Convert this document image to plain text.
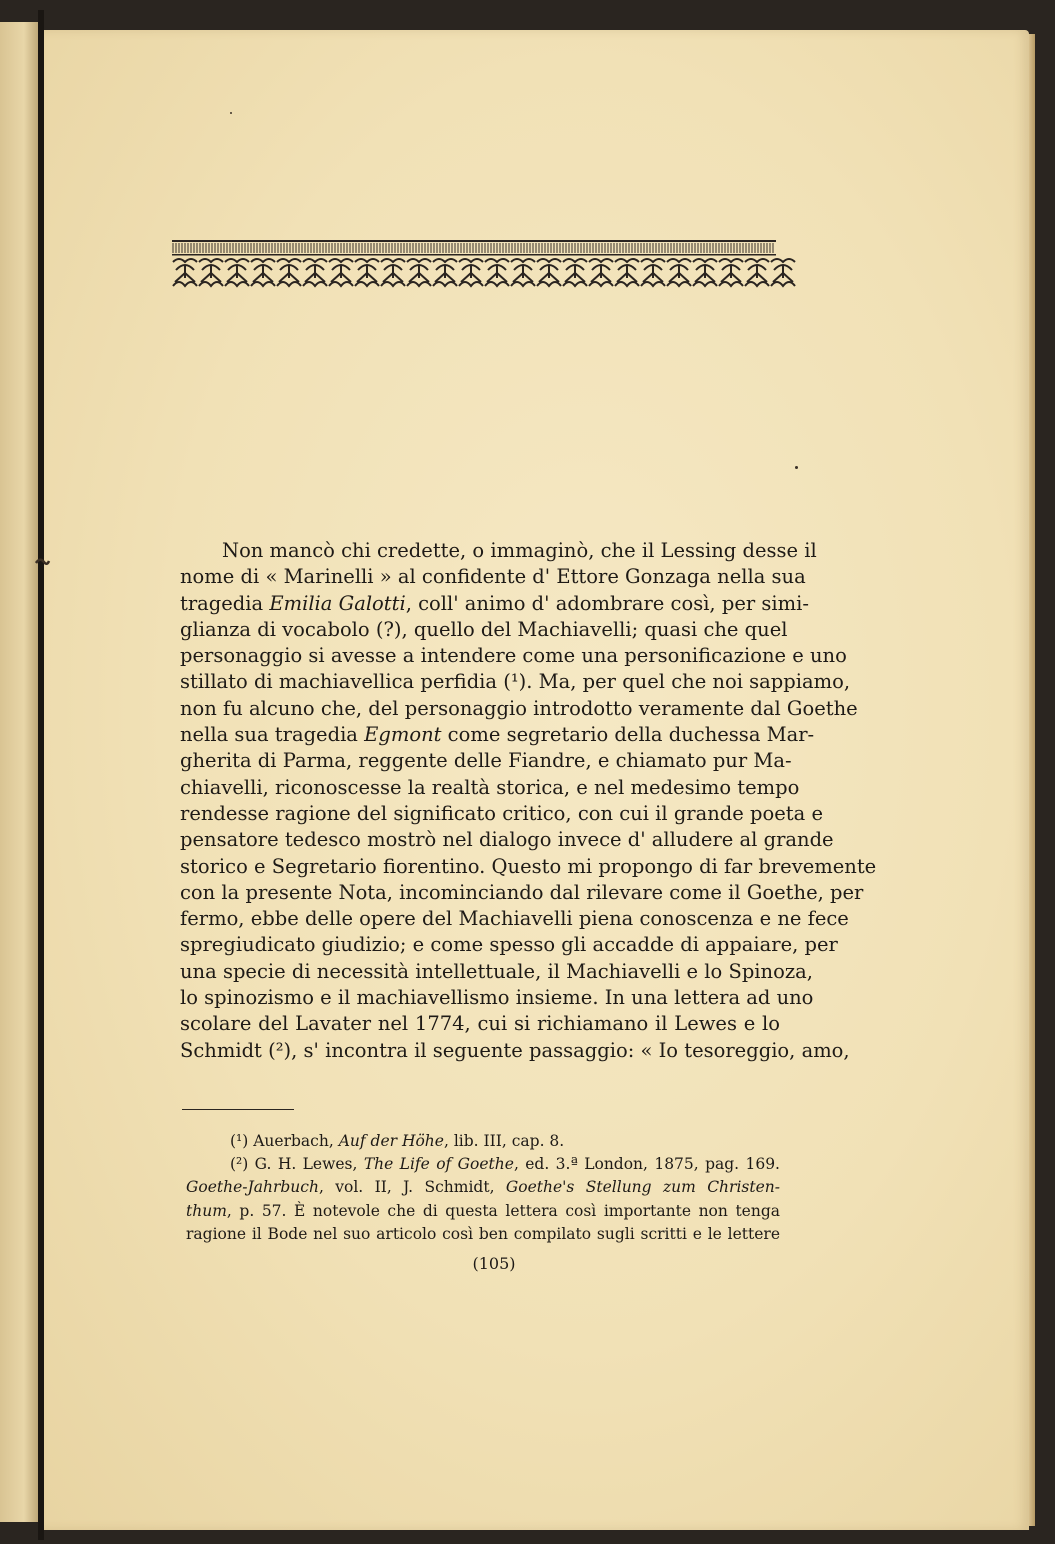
Non mancò chi credette, o immaginò, che il Lessing desse il
nome di « Marinelli » al confidente d' Ettore Gonzaga nella sua
tragedia Emilia Galotti, coll' animo d' adombrare così, per simi-
glianza di vocabolo (?), quello del Machiavelli; quasi che quel
personaggio si avesse a intendere come una personificazione e uno
stillato di machiavellica perfidia (¹). Ma, per quel che noi sappiamo,
non fu alcuno che, del personaggio introdotto veramente dal Goethe
nella sua tragedia Egmont come segretario della duchessa Mar-
gherita di Parma, reggente delle Fiandre, e chiamato pur Ma-
chiavelli, riconoscesse la realtà storica, e nel medesimo tempo
rendesse ragione del significato critico, con cui il grande poeta e
pensatore tedesco mostrò nel dialogo invece d' alludere al grande
storico e Segretario fiorentino. Questo mi propongo di far brevemente
con la presente Nota, incominciando dal rilevare come il Goethe, per
fermo, ebbe delle opere del Machiavelli piena conoscenza e ne fece
spregiudicato giudizio; e come spesso gli accadde di appaiare, per
una specie di necessità intellettuale, il Machiavelli e lo Spinoza,
lo spinozismo e il machiavellismo insieme. In una lettera ad uno
scolare del Lavater nel 1774, cui si richiamano il Lewes e lo
Schmidt (²), s' incontra il seguente passaggio: « Io tesoreggio, amo,
(¹) Auerbach, Auf der Höhe, lib. III, cap. 8.
(²) G. H. Lewes, The Life of Goethe, ed. 3.ª London, 1875, pag. 169.
Goethe-Jahrbuch, vol. II, J. Schmidt, Goethe's Stellung zum Christen-
thum, p. 57. È notevole che di questa lettera così importante non tenga
ragione il Bode nel suo articolo così ben compilato sugli scritti e le lettere
(105)
